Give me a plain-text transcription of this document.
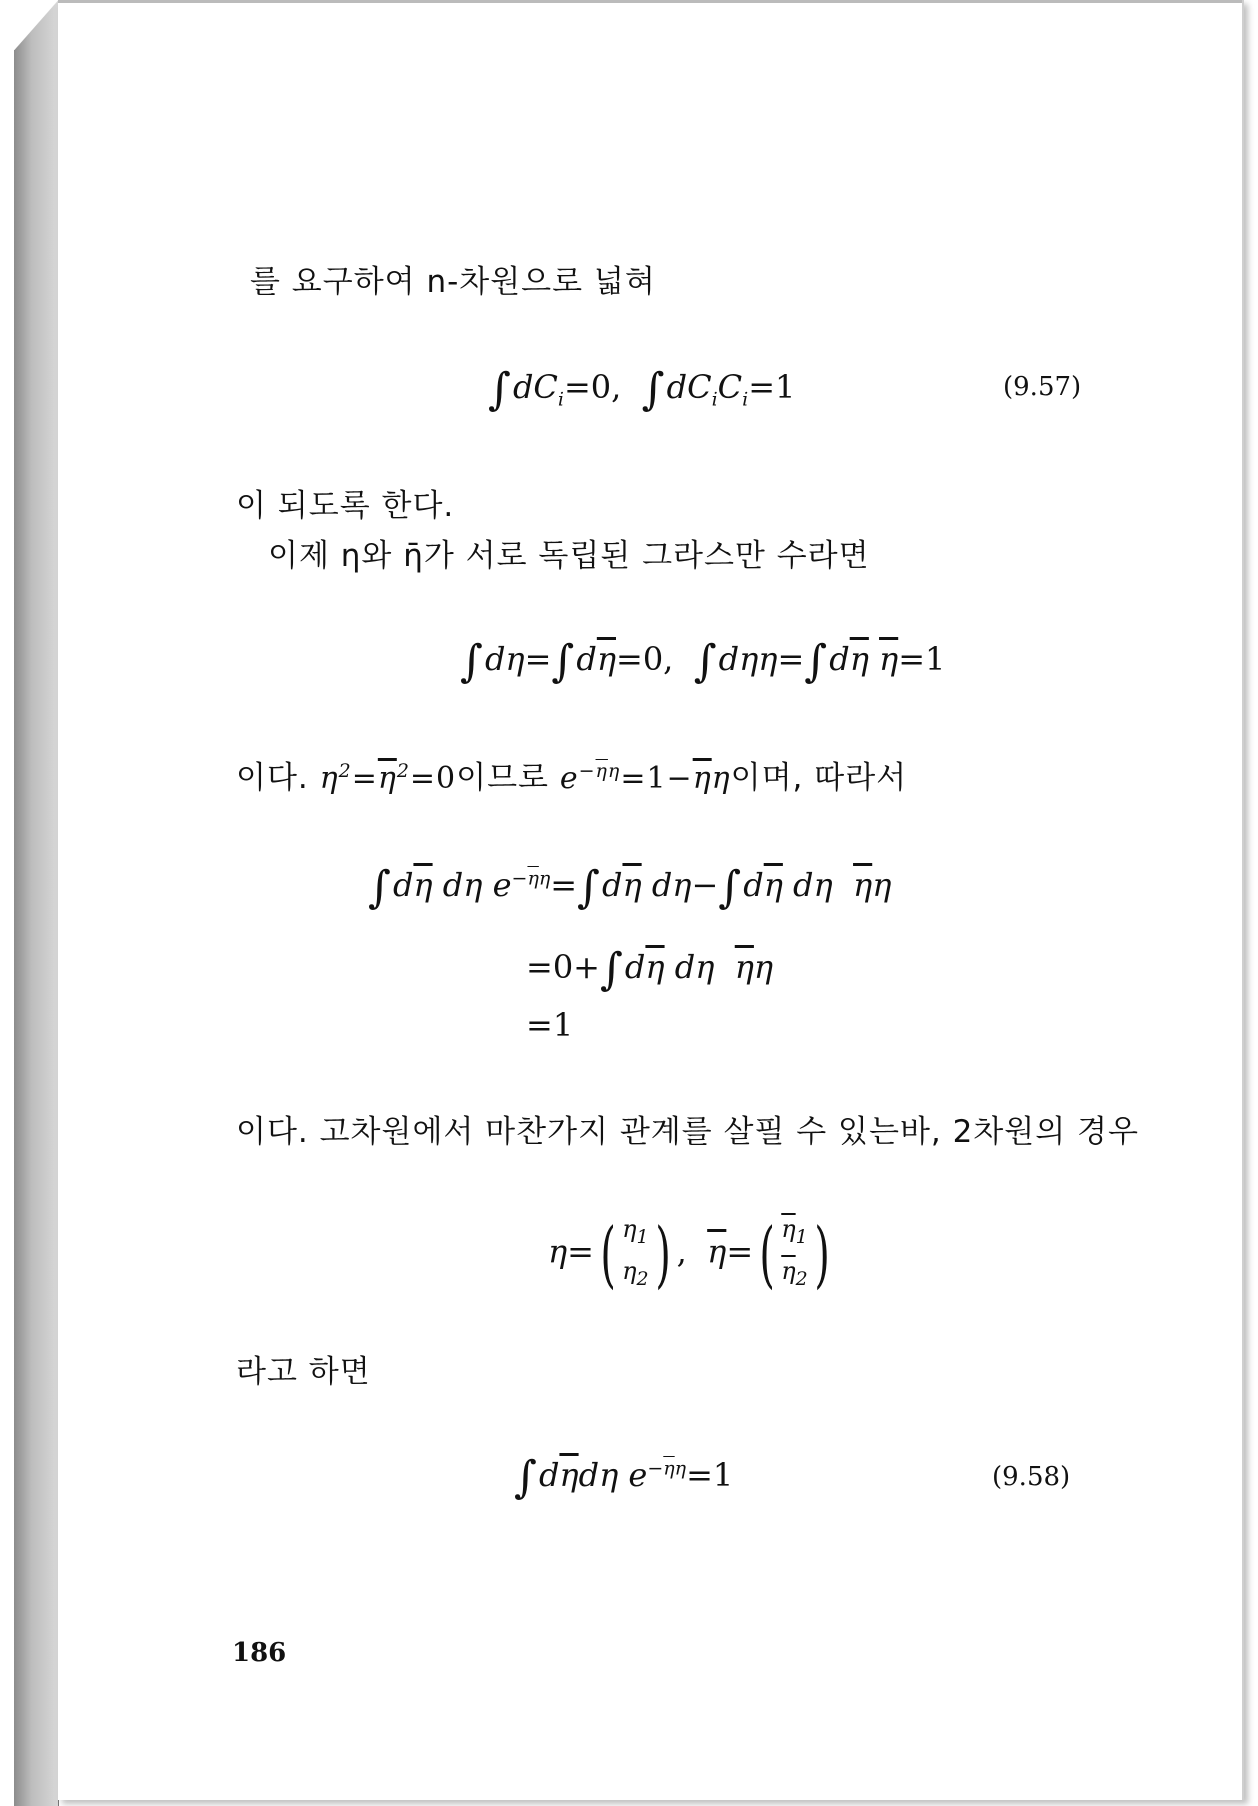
를 요구하여 n-차원으로 넓혀
$\int dC_i=0$, $\int dC_iC_i=1$	(9.57)
이 되도록 한다.
이제 η와 η̄가 서로 독립된 그라스만 수라면
$\int d\eta=\int d\overline{\eta}=0$, $\int d\eta\eta=\int d\overline{\eta}$ $\overline{\eta}=1$
이다. $\eta^2=\overline{\eta}^2=0$이므로 $e^{-\overline{\eta}\eta}=1-\overline{\eta}\eta$이며, 따라서
$\int d\overline{\eta}$ dη $e^{-\overline{\eta}\eta}=\int d\overline{\eta}$ $d\eta-\int d\overline{\eta}$ dη  $\overline{\eta}\eta$
$=0+\int d\overline{\eta}$ dη  $\overline{\eta}\eta$
=1
이다. 고차원에서 마찬가지 관계를 살필 수 있는바, 2차원의 경우
η= ( $\eta_1$
$\eta_2$ ) , $\overline{\eta}=$ ( $\overline{\eta}_1$
$\overline{\eta}_2$ )
라고 하면
$\int d\overline{\eta}d\eta$ $e^{-\overline{\eta}\eta}=1$	(9.58)
186
